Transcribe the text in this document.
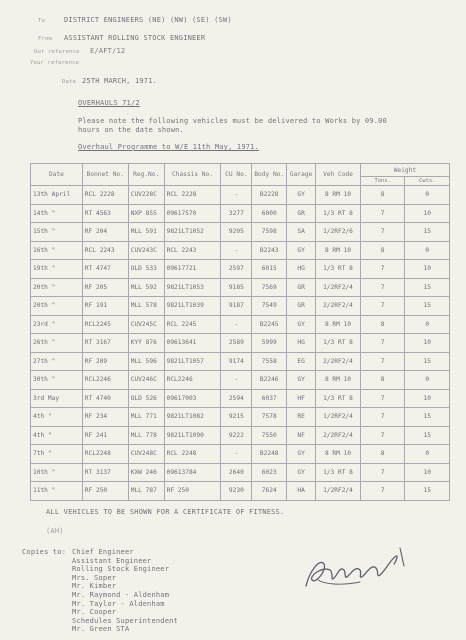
To	DISTRICT ENGINEERS (NE) (NW) (SE) (SW)
From ASSISTANT ROLLING STOCK ENGINEER
Our reference E/AFT/12
Your reference
Date 25TH MARCH, 1971.
OVERHAULS 71/2
Please note the following vehicles must be delivered to Works by 09.00
hours on the date shown.
Overhaul Programme to W/E 11th May, 1971.
Date	Bonnet No.	Reg.No.	Chassis No.	CU No.	Body No.	Garage	Veh Code	Weight	
								Tons.	Cwts.
13th April	RCL 2228	CUV228C	RCL 2228	-	B2228	GY	8 RM 10	8	0
14th "	RT 4563	NXP 855	09617570	3277	6000	GR	1/3 RT 8	7	10
15th "	RF 204	MLL 591	9821LT1052	9205	7598	SA	1/2RF2/6	7	15
16th "	RCL 2243	CUV243C	RCL 2243	-	B2243	GY	8 RM 10	8	0
19th "	RT 4747	OLD 533	09617721	2597	6015	HG	1/3 RT 8	7	10
20th "	RF 205	MLL 592	9821LT1053	9185	7569	GR	1/2RF2/4	7	15
20th "	RF 191	MLL 578	9821LT1039	9187	7549	GR	2/2RF2/4	7	15
23rd "	RCL2245	CUV245C	RCL 2245	-	B2245	GY	8 RM 10	8	0
26th "	RT 3167	KYY 876	09613641	2589	5999	HG	1/3 RT 8	7	10
27th "	RF 209	MLL 596	9821LT1057	9174	7558	EG	2/2RF2/4	7	15
30th "	RCL2246	CUV246C	RCL2246	-	B2246	GY	8 RM 10	8	0
3rd May	RT 4740	OLD 526	09617003	2594	6037	HF	1/3 RT 8	7	10
4th "	RF 234	MLL 771	9821LT1082	9215	7578	RE	1/2RF2/4	7	15
4th "	RF 241	MLL 778	9821LT1090	9222	7550	NF	2/2RF2/4	7	15
7th "	RCL2248	CUV248C	RCL 2248	-	B2248	GY	8 RM 10	8	0
10th "	RT 3137	KXW 246	09613784	2640	6023	GY	1/3 RT 8	7	10
11th "	RF 250	MLL 787	RF 250	9230	7624	HA	1/2RF2/4	7	15
ALL VEHICLES TO BE SHOWN FOR A CERTIFICATE OF FITNESS.
(AH)
Copies to: Chief Engineer
Assistant Engineer
Rolling Stock Engineer
Mrs. Soper
Mr. Kimber
Mr. Raymond - Aldenham
Mr. Taylor - Aldenham
Mr. Cooper
Schedules Superintendent
Mr. Green STA
